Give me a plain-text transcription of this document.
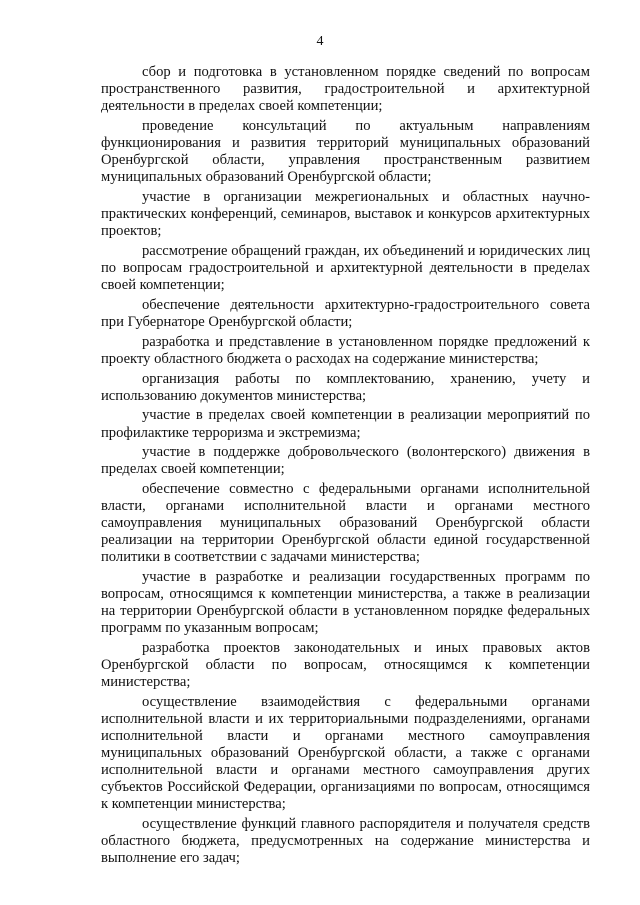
4

сбор и подготовка в установленном порядке сведений по вопросам пространственного развития, градостроительной и архитектурной деятельности в пределах своей компетенции;

проведение консультаций по актуальным направлениям функционирования и развития территорий муниципальных образований Оренбургской области, управления пространственным развитием муниципальных образований Оренбургской области;

участие в организации межрегиональных и областных научно-практических конференций, семинаров, выставок и конкурсов архитектурных проектов;

рассмотрение обращений граждан, их объединений и юридических лиц по вопросам градостроительной и архитектурной деятельности в пределах своей компетенции;

обеспечение деятельности архитектурно-градостроительного совета при Губернаторе Оренбургской области;

разработка и представление в установленном порядке предложений к проекту областного бюджета о расходах на содержание министерства;

организация работы по комплектованию, хранению, учету и использованию документов министерства;

участие в пределах своей компетенции в реализации мероприятий по профилактике терроризма и экстремизма;

участие в поддержке добровольческого (волонтерского) движения в пределах своей компетенции;

обеспечение совместно с федеральными органами исполнительной власти, органами исполнительной власти и органами местного самоуправления муниципальных образований Оренбургской области реализации на территории Оренбургской области единой государственной политики в соответствии с задачами министерства;

участие в разработке и реализации государственных программ по вопросам, относящимся к компетенции министерства, а также в реализации на территории Оренбургской области в установленном порядке федеральных программ по указанным вопросам;

разработка проектов законодательных и иных правовых актов Оренбургской области по вопросам, относящимся к компетенции министерства;

осуществление взаимодействия с федеральными органами исполнительной власти и их территориальными подразделениями, органами исполнительной власти и органами местного самоуправления муниципальных образований Оренбургской области, а также с органами исполнительной власти и органами местного самоуправления других субъектов Российской Федерации, организациями по вопросам, относящимся к компетенции министерства;

осуществление функций главного распорядителя и получателя средств областного бюджета, предусмотренных на содержание министерства и выполнение его задач;
